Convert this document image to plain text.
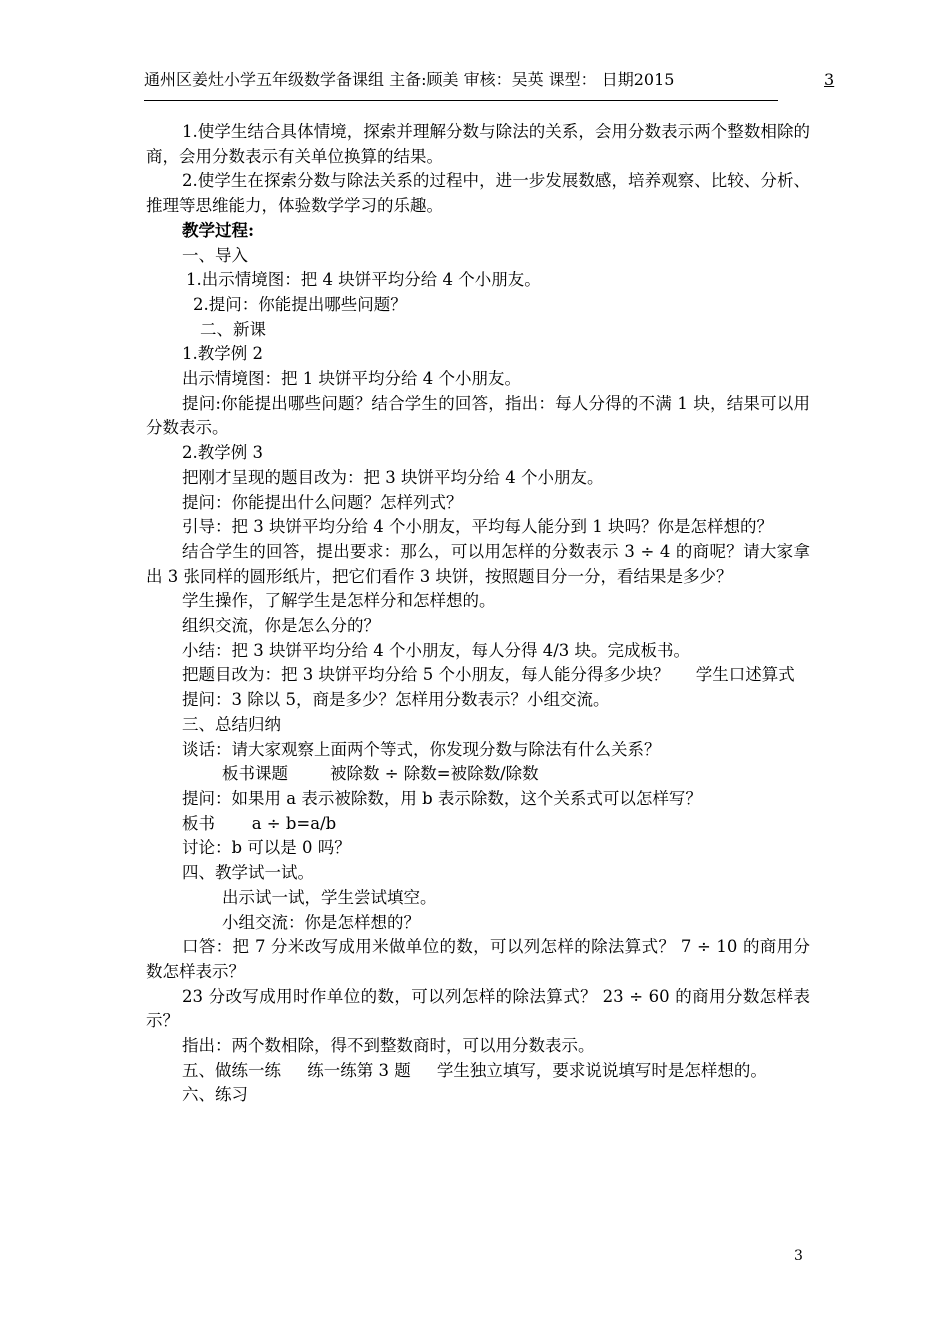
通州区姜灶小学五年级数学备课组 主备:顾美 审核：吴英 课型： 日期2015	3

1.使学生结合具体情境，探索并理解分数与除法的关系，会用分数表示两个整数相除的商，会用分数表示有关单位换算的结果。

2.使学生在探索分数与除法关系的过程中，进一步发展数感，培养观察、比较、分析、推理等思维能力，体验数学学习的乐趣。

教学过程:

一、导入

1.出示情境图：把 4 块饼平均分给 4 个小朋友。

2.提问：你能提出哪些问题？

二、新课

1.教学例 2

出示情境图：把 1 块饼平均分给 4 个小朋友。

提问:你能提出哪些问题？结合学生的回答，指出：每人分得的不满 1 块，结果可以用分数表示。

2.教学例 3

把刚才呈现的题目改为：把 3 块饼平均分给 4 个小朋友。

提问：你能提出什么问题？怎样列式？

引导：把 3 块饼平均分给 4 个小朋友，平均每人能分到 1 块吗？你是怎样想的？

结合学生的回答，提出要求：那么，可以用怎样的分数表示 3 ÷ 4 的商呢？请大家拿出 3 张同样的圆形纸片，把它们看作 3 块饼，按照题目分一分，看结果是多少？

学生操作，了解学生是怎样分和怎样想的。

组织交流，你是怎么分的？

小结：把 3 块饼平均分给 4 个小朋友，每人分得 4/3 块。完成板书。

把题目改为：把 3 块饼平均分给 5 个小朋友，每人能分得多少块？     学生口述算式

提问：3 除以 5，商是多少？怎样用分数表示？小组交流。

三、总结归纳

谈话：请大家观察上面两个等式，你发现分数与除法有什么关系？

板书课题        被除数 ÷ 除数=被除数/除数

提问：如果用 a 表示被除数，用 b 表示除数，这个关系式可以怎样写？

板书       a ÷ b=a/b

讨论：b 可以是 0 吗？

四、教学试一试。

出示试一试，学生尝试填空。

小组交流：你是怎样想的？

口答：把 7 分米改写成用米做单位的数，可以列怎样的除法算式？ 7 ÷ 10 的商用分数怎样表示？

23 分改写成用时作单位的数，可以列怎样的除法算式？ 23 ÷ 60 的商用分数怎样表示？

指出：两个数相除，得不到整数商时，可以用分数表示。

五、做练一练     练一练第 3 题     学生独立填写，要求说说填写时是怎样想的。

六、练习

3
